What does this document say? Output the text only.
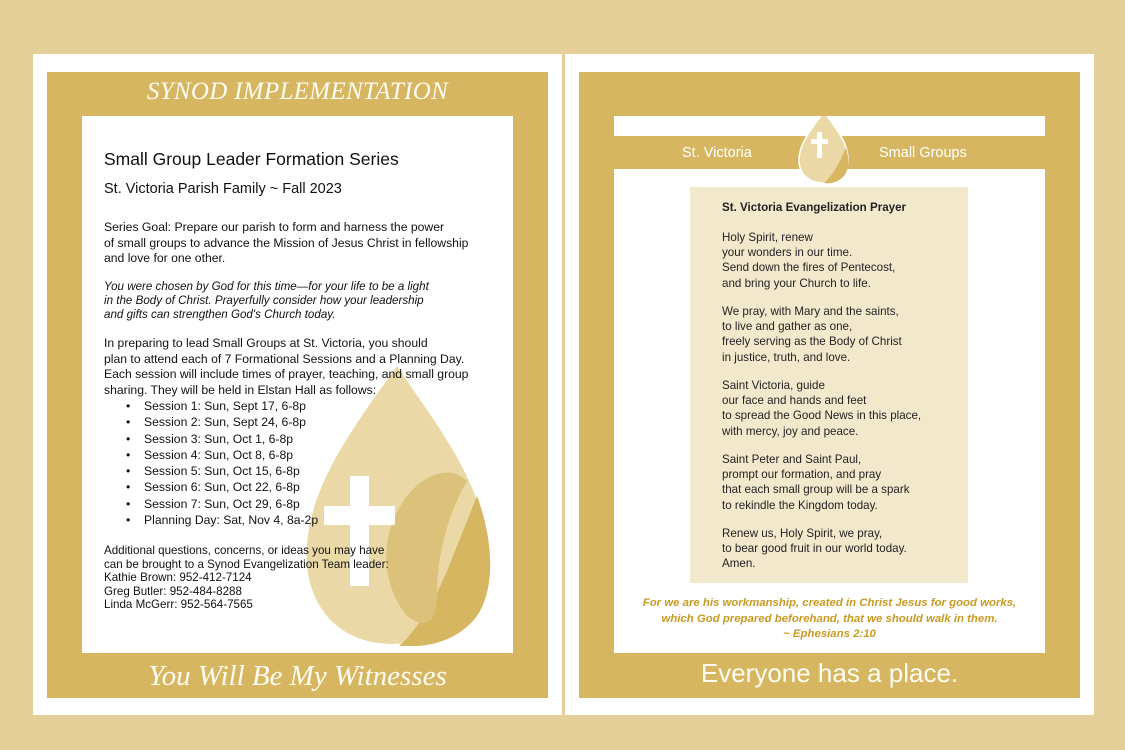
SYNOD IMPLEMENTATION
Small Group Leader Formation Series
St. Victoria Parish Family ~ Fall 2023
Series Goal: Prepare our parish to form and harness the power
of small groups to advance the Mission of Jesus Christ in fellowship
and love for one other.
You were chosen by God for this time—for your life to be a light
in the Body of Christ. Prayerfully consider how your leadership
and gifts can strengthen God's Church today.
In preparing to lead Small Groups at St. Victoria, you should
plan to attend each of 7 Formational Sessions and a Planning Day.
Each session will include times of prayer, teaching, and small group
sharing. They will be held in Elstan Hall as follows:
• Session 1: Sun, Sept 17, 6-8p
• Session 2: Sun, Sept 24, 6-8p
• Session 3: Sun, Oct 1, 6-8p
• Session 4: Sun, Oct 8, 6-8p
• Session 5: Sun, Oct 15, 6-8p
• Session 6: Sun, Oct 22, 6-8p
• Session 7: Sun, Oct 29, 6-8p
• Planning Day: Sat, Nov 4, 8a-2p
Additional questions, concerns, or ideas you may have
can be brought to a Synod Evangelization Team leader:
Kathie Brown: 952-412-7124
Greg Butler: 952-484-8288
Linda McGerr: 952-564-7565
You Will Be My Witnesses
St. Victoria	Small Groups
St. Victoria Evangelization Prayer
Holy Spirit, renew
your wonders in our time.
Send down the fires of Pentecost,
and bring your Church to life.
We pray, with Mary and the saints,
to live and gather as one,
freely serving as the Body of Christ
in justice, truth, and love.
Saint Victoria, guide
our face and hands and feet
to spread the Good News in this place,
with mercy, joy and peace.
Saint Peter and Saint Paul,
prompt our formation, and pray
that each small group will be a spark
to rekindle the Kingdom today.
Renew us, Holy Spirit, we pray,
to bear good fruit in our world today.
Amen.
For we are his workmanship, created in Christ Jesus for good works,
which God prepared beforehand, that we should walk in them.
~ Ephesians 2:10
Everyone has a place.
